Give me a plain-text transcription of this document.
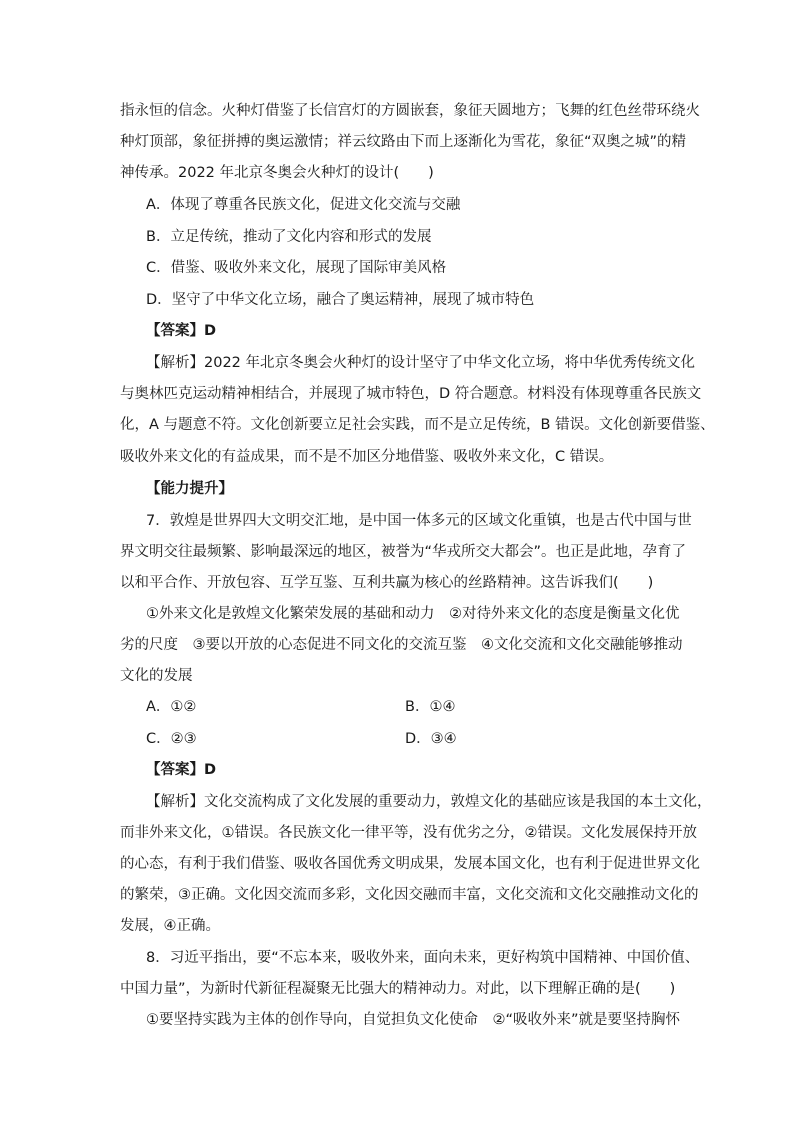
指永恒的信念。火种灯借鉴了长信宫灯的方圆嵌套，象征天圆地方；飞舞的红色丝带环绕火
种灯顶部，象征拼搏的奥运激情；祥云纹路由下而上逐渐化为雪花，象征“双奥之城”的精
神传承。2022 年北京冬奥会火种灯的设计(　　)
A．体现了尊重各民族文化，促进文化交流与交融
B．立足传统，推动了文化内容和形式的发展
C．借鉴、吸收外来文化，展现了国际审美风格
D．坚守了中华文化立场，融合了奥运精神，展现了城市特色
【答案】D
【解析】2022 年北京冬奥会火种灯的设计坚守了中华文化立场，将中华优秀传统文化
与奥林匹克运动精神相结合，并展现了城市特色，D 符合题意。材料没有体现尊重各民族文
化，A 与题意不符。文化创新要立足社会实践，而不是立足传统，B 错误。文化创新要借鉴、
吸收外来文化的有益成果，而不是不加区分地借鉴、吸收外来文化，C 错误。
【能力提升】
7．敦煌是世界四大文明交汇地，是中国一体多元的区域文化重镇，也是古代中国与世
界文明交往最频繁、影响最深远的地区，被誉为“华戎所交大都会”。也正是此地，孕育了
以和平合作、开放包容、互学互鉴、互利共赢为核心的丝路精神。这告诉我们(　　)
①外来文化是敦煌文化繁荣发展的基础和动力　②对待外来文化的态度是衡量文化优
劣的尺度　③要以开放的心态促进不同文化的交流互鉴　④文化交流和文化交融能够推动
文化的发展
A．①②	B．①④
C．②③	D．③④
【答案】D
【解析】文化交流构成了文化发展的重要动力，敦煌文化的基础应该是我国的本土文化，
而非外来文化，①错误。各民族文化一律平等，没有优劣之分，②错误。文化发展保持开放
的心态，有利于我们借鉴、吸收各国优秀文明成果，发展本国文化，也有利于促进世界文化
的繁荣，③正确。文化因交流而多彩，文化因交融而丰富，文化交流和文化交融推动文化的
发展，④正确。
8．习近平指出，要“不忘本来，吸收外来，面向未来，更好构筑中国精神、中国价值、
中国力量”，为新时代新征程凝聚无比强大的精神动力。对此，以下理解正确的是(　　)
①要坚持实践为主体的创作导向，自觉担负文化使命　②“吸收外来”就是要坚持胸怀
